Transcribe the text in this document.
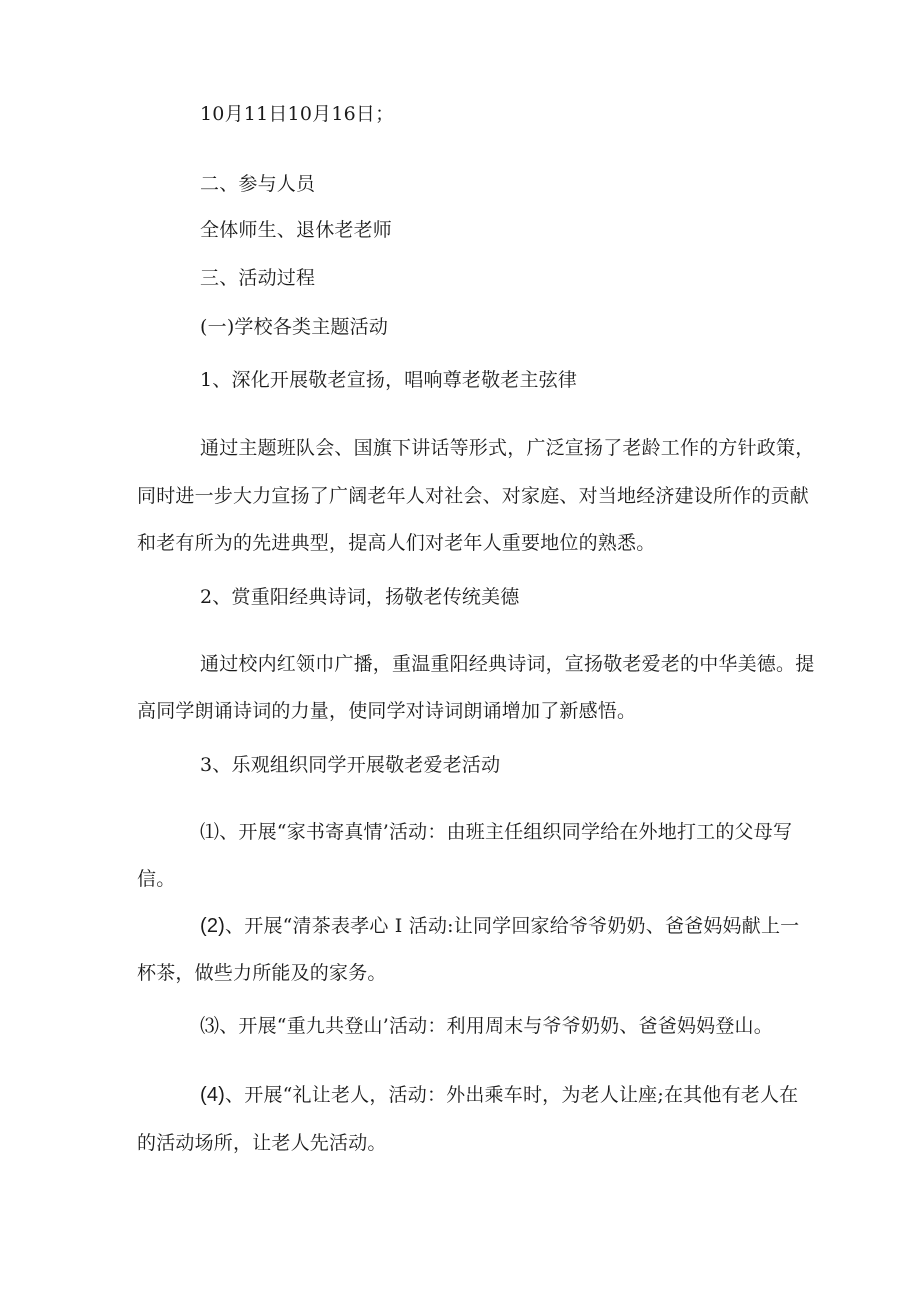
10月11日10月16日；
二、参与人员
全体师生、退休老老师
三、活动过程
(一)学校各类主题活动
1、深化开展敬老宣扬，唱响尊老敬老主弦律
通过主题班队会、国旗下讲话等形式，广泛宣扬了老龄工作的方针政策，
同时进一步大力宣扬了广阔老年人对社会、对家庭、对当地经济建设所作的贡献
和老有所为的先进典型，提高人们对老年人重要地位的熟悉。
2、赏重阳经典诗词，扬敬老传统美德
通过校内红领巾广播，重温重阳经典诗词，宣扬敬老爱老的中华美德。提
高同学朗诵诗词的力量，使同学对诗词朗诵增加了新感悟。
3、乐观组织同学开展敬老爱老活动
⑴、开展“家书寄真情’活动：由班主任组织同学给在外地打工的父母写
信。
(2)、开展“清茶表孝心 I 活动:让同学回家给爷爷奶奶、爸爸妈妈献上一
杯茶，做些力所能及的家务。
⑶、开展“重九共登山’活动：利用周末与爷爷奶奶、爸爸妈妈登山。
(4)、开展“礼让老人，活动：外出乘车时，为老人让座;在其他有老人在
的活动场所，让老人先活动。
